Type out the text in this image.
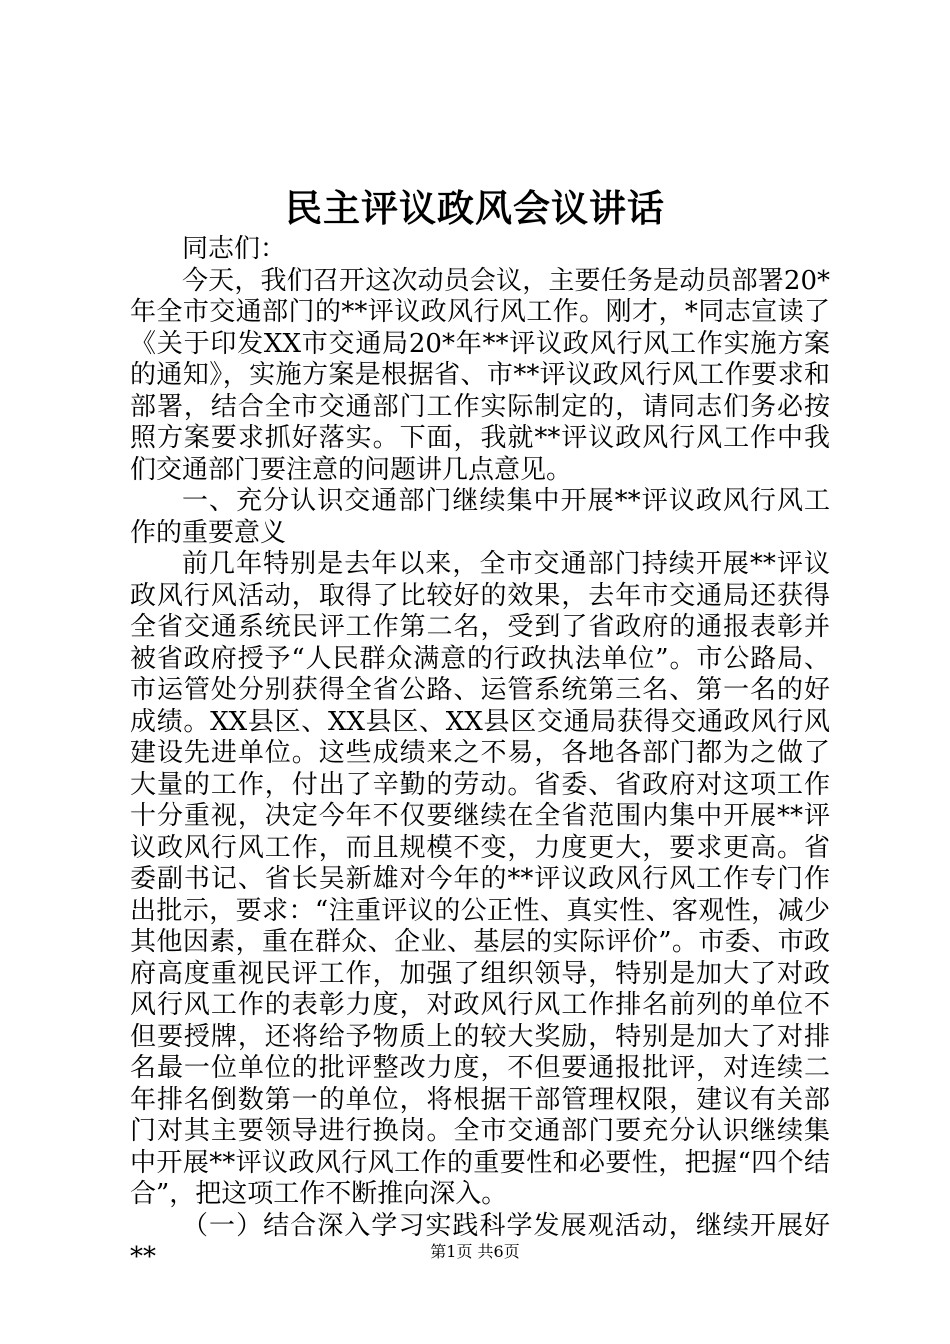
民主评议政风会议讲话

同志们：

今天，我们召开这次动员会议，主要任务是动员部署20*年全市交通部门的**评议政风行风工作。刚才，*同志宣读了《关于印发XX市交通局20*年**评议政风行风工作实施方案的通知》，实施方案是根据省、市**评议政风行风工作要求和部署，结合全市交通部门工作实际制定的，请同志们务必按照方案要求抓好落实。下面，我就**评议政风行风工作中我们交通部门要注意的问题讲几点意见。

一、充分认识交通部门继续集中开展**评议政风行风工作的重要意义

前几年特别是去年以来，全市交通部门持续开展**评议政风行风活动，取得了比较好的效果，去年市交通局还获得全省交通系统民评工作第二名，受到了省政府的通报表彰并被省政府授予“人民群众满意的行政执法单位”。市公路局、市运管处分别获得全省公路、运管系统第三名、第一名的好成绩。XX县区、XX县区、XX县区交通局获得交通政风行风建设先进单位。这些成绩来之不易，各地各部门都为之做了大量的工作，付出了辛勤的劳动。省委、省政府对这项工作十分重视，决定今年不仅要继续在全省范围内集中开展**评议政风行风工作，而且规模不变，力度更大，要求更高。省委副书记、省长吴新雄对今年的**评议政风行风工作专门作出批示，要求：“注重评议的公正性、真实性、客观性，减少其他因素，重在群众、企业、基层的实际评价”。市委、市政府高度重视民评工作，加强了组织领导，特别是加大了对政风行风工作的表彰力度，对政风行风工作排名前列的单位不但要授牌，还将给予物质上的较大奖励，特别是加大了对排名最一位单位的批评整改力度，不但要通报批评，对连续二年排名倒数第一的单位，将根据干部管理权限，建议有关部门对其主要领导进行换岗。全市交通部门要充分认识继续集中开展**评议政风行风工作的重要性和必要性，把握“四个结合”，把这项工作不断推向深入。

（一）结合深入学习实践科学发展观活动，继续开展好**	第1页 共6页
